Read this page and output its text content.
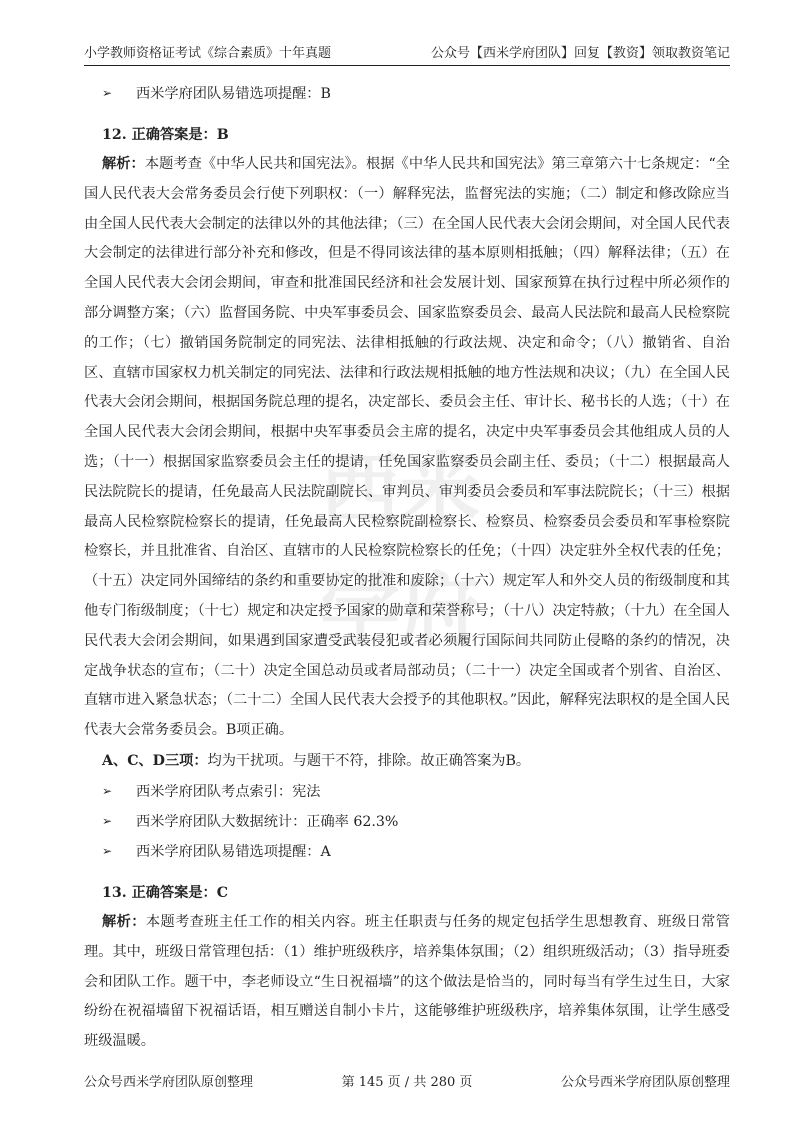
小学教师资格证考试《综合素质》十年真题	公众号【西米学府团队】回复【教资】领取教资笔记
西米学府
➢	西米学府团队易错选项提醒：B
12. 正确答案是：B

解析：本题考查《中华人民共和国宪法》。根据《中华人民共和国宪法》第三章第六十七条规定：“全国人民代表大会常务委员会行使下列职权：（一）解释宪法，监督宪法的实施；（二）制定和修改除应当由全国人民代表大会制定的法律以外的其他法律；（三）在全国人民代表大会闭会期间，对全国人民代表大会制定的法律进行部分补充和修改，但是不得同该法律的基本原则相抵触；（四）解释法律；（五）在全国人民代表大会闭会期间，审查和批准国民经济和社会发展计划、国家预算在执行过程中所必须作的部分调整方案；（六）监督国务院、中央军事委员会、国家监察委员会、最高人民法院和最高人民检察院的工作；（七）撤销国务院制定的同宪法、法律相抵触的行政法规、决定和命令；（八）撤销省、自治区、直辖市国家权力机关制定的同宪法、法律和行政法规相抵触的地方性法规和决议；（九）在全国人民代表大会闭会期间，根据国务院总理的提名，决定部长、委员会主任、审计长、秘书长的人选；（十）在全国人民代表大会闭会期间，根据中央军事委员会主席的提名，决定中央军事委员会其他组成人员的人选；（十一）根据国家监察委员会主任的提请，任免国家监察委员会副主任、委员；（十二）根据最高人民法院院长的提请，任免最高人民法院副院长、审判员、审判委员会委员和军事法院院长；（十三）根据最高人民检察院检察长的提请，任免最高人民检察院副检察长、检察员、检察委员会委员和军事检察院检察长，并且批准省、自治区、直辖市的人民检察院检察长的任免；（十四）决定驻外全权代表的任免；（十五）决定同外国缔结的条约和重要协定的批准和废除；（十六）规定军人和外交人员的衔级制度和其他专门衔级制度；（十七）规定和决定授予国家的勋章和荣誉称号；（十八）决定特赦；（十九）在全国人民代表大会闭会期间，如果遇到国家遭受武装侵犯或者必须履行国际间共同防止侵略的条约的情况，决定战争状态的宣布；（二十）决定全国总动员或者局部动员；（二十一）决定全国或者个别省、自治区、直辖市进入紧急状态；（二十二）全国人民代表大会授予的其他职权。”因此，解释宪法职权的是全国人民代表大会常务委员会。B项正确。

A、C、D三项：均为干扰项。与题干不符，排除。故正确答案为B。
➢	西米学府团队考点索引：宪法
➢	西米学府团队大数据统计：正确率 62.3%
➢	西米学府团队易错选项提醒：A
13. 正确答案是：C

解析：本题考查班主任工作的相关内容。班主任职责与任务的规定包括学生思想教育、班级日常管理。其中，班级日常管理包括：（1）维护班级秩序，培养集体氛围；（2）组织班级活动；（3）指导班委会和团队工作。题干中，李老师设立“生日祝福墙”的这个做法是恰当的，同时每当有学生过生日，大家纷纷在祝福墙留下祝福话语，相互赠送自制小卡片，这能够维护班级秩序，培养集体氛围，让学生感受班级温暖。

公众号西米学府团队原创整理	第 145 页 / 共 280 页	公众号西米学府团队原创整理
